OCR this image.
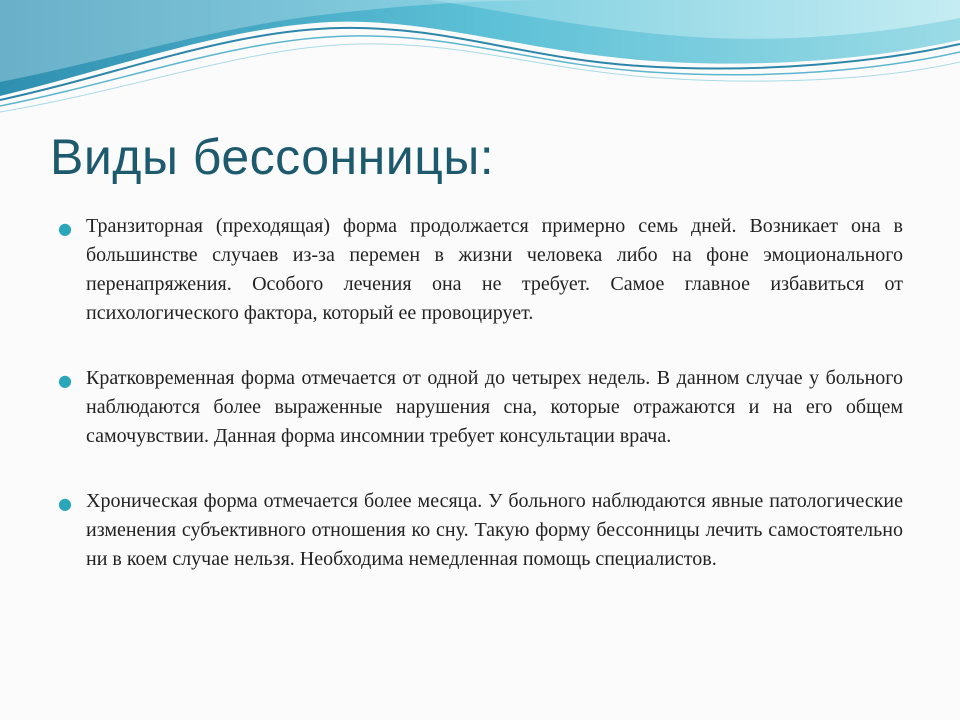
Виды бессонницы:
● Транзиторная (преходящая) форма продолжается примерно семь дней. Возникает она в большинстве случаев из-за перемен в жизни человека либо на фоне эмоционального перенапряжения. Особого лечения она не требует. Самое главное избавиться от психологического фактора, который ее провоцирует.
● Кратковременная форма отмечается от одной до четырех недель. В данном случае у больного наблюдаются более выраженные нарушения сна, которые отражаются и на его общем самочувствии. Данная форма инсомнии требует консультации врача.
● Хроническая форма отмечается более месяца. У больного наблюдаются явные патологические изменения субъективного отношения ко сну. Такую форму бессонницы лечить самостоятельно ни в коем случае нельзя. Необходима немедленная помощь специалистов.
